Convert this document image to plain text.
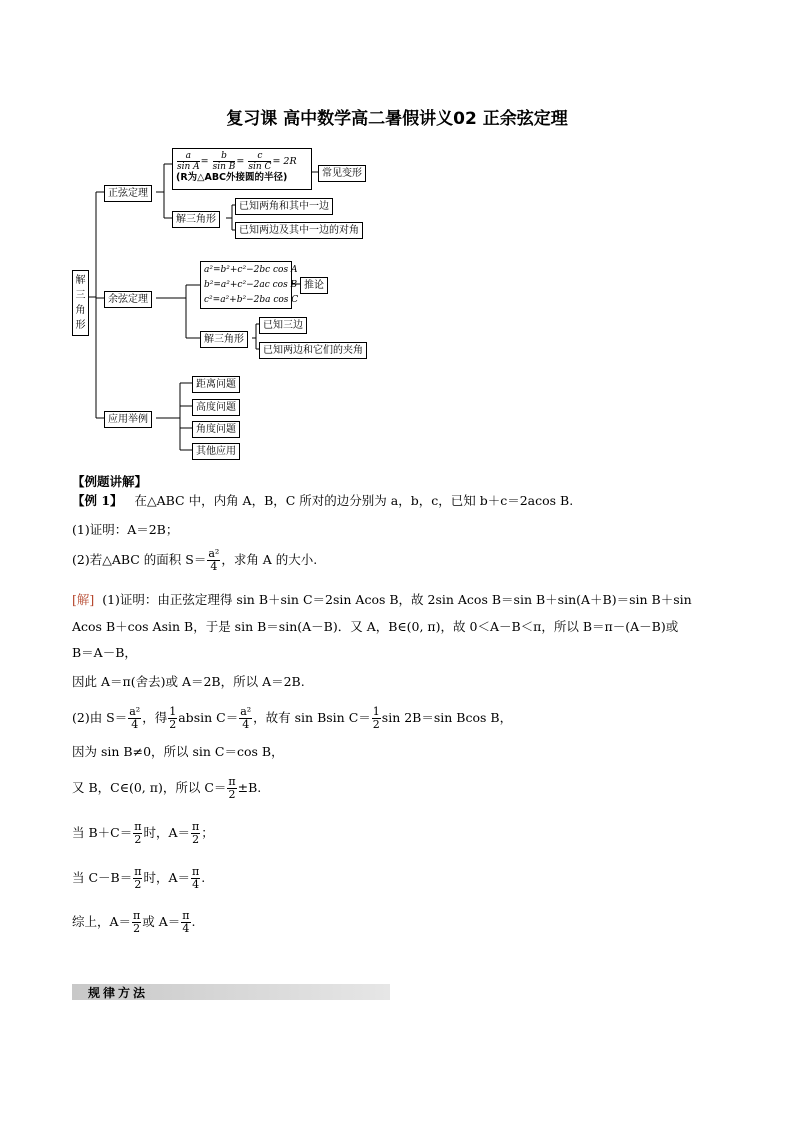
复习课 高中数学高二暑假讲义02 正余弦定理
解三角形
正弦定理
$\frac{a}{\text{sin A}} = \frac{b}{\text{sin B}} = \frac{c}{\text{sin C}} = 2R$
(R为△ABC外接圆的半径)	常见变形
解三角形
已知两角和其中一边
已知两边及其中一边的对角
余弦定理
a²=b²+c²−2bc cos A
b²=a²+c²−2ac cos B
c²=a²+b²−2ba cos C
推论
解三角形
已知三边
已知两边和它们的夹角
应用举例
距离问题
高度问题
角度问题
其他应用
【例题讲解】
【例 1】 在△ABC 中，内角 A，B，C 所对的边分别为 a，b，c，已知 b＋c＝2acos B.
(1)证明：A＝2B；
(2)若△ABC 的面积 $S= \frac{\text{a²}}{4}$ ，求角 A 的大小.
[解] (1)证明：由正弦定理得 sin B＋sin C＝2sin Acos B，故 2sin Acos B＝sin B＋sin(A＋B)＝sin B＋sin
Acos B＋cos Asin B，于是 sin B＝sin(A－B)．又 A，B∈(0, π)，故 0＜A－B＜π，所以 B＝π－(A－B)或
B＝A－B，
因此 A＝π(舍去)或 A＝2B，所以 A＝2B.
(2)由 $S= \frac{\text{a²}}{4}$ ，得 $\frac{1}{2}$ absin $C= \frac{\text{a²}}{4}$ ，故有 sin Bsin $C= \frac{1}{2}$ sin 2B＝sin Bcos B，
因为 sin B≠0，所以 sin C＝cos B，
又 B，C∈(0, π)，所以 $C= \frac{\pi}{2} \pm B$.
当 $B+C= \frac{\pi}{2}$ 时，$A= \frac{\pi}{2}$ ；
当 $C-B= \frac{\pi}{2}$ 时，$A= \frac{\pi}{4}$ .
综上，$A= \frac{\pi}{2}$ 或 $A= \frac{\pi}{4}$ .
规律方法
